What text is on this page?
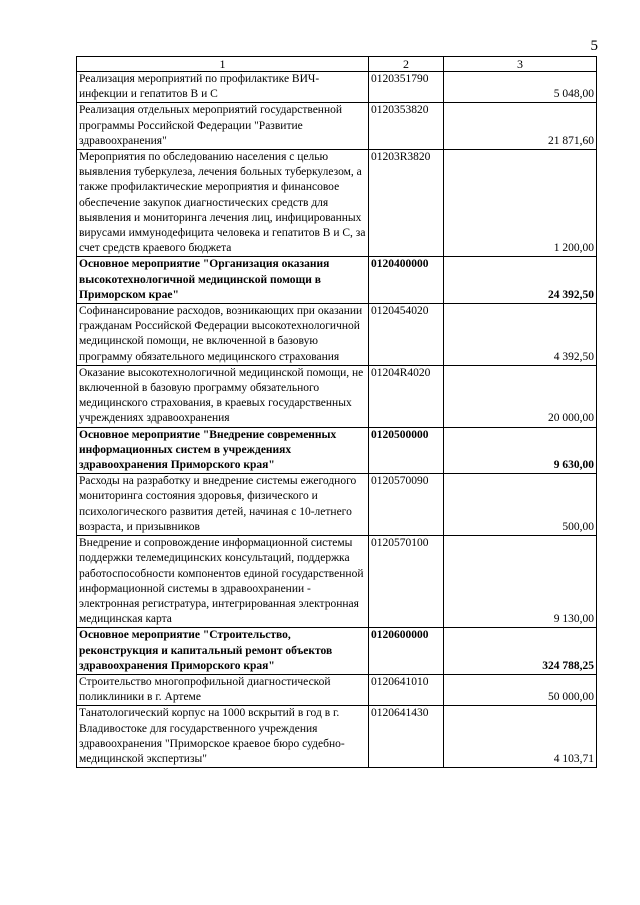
5
1	2	3
Реализация мероприятий по профилактике ВИЧ-инфекции и гепатитов В и С	0120351790	5 048,00
Реализация отдельных мероприятий государственной программы Российской Федерации "Развитие здравоохранения"	0120353820	21 871,60
Мероприятия по обследованию населения с целью выявления туберкулеза, лечения больных туберкулезом, а также профилактические мероприятия и финансовое обеспечение закупок диагностических средств для выявления и мониторинга лечения лиц, инфицированных вирусами иммунодефицита человека и гепатитов В и С, за счет средств краевого бюджета	01203R3820	1 200,00
Основное мероприятие "Организация оказания высокотехнологичной медицинской помощи в Приморском крае"	0120400000	24 392,50
Софинансирование расходов, возникающих при оказании гражданам Российской Федерации высокотехнологичной медицинской помощи, не включенной в базовую программу обязательного медицинского страхования	0120454020	4 392,50
Оказание высокотехнологичной медицинской помощи, не включенной в базовую программу обязательного медицинского страхования, в краевых государственных учреждениях здравоохранения	01204R4020	20 000,00
Основное мероприятие "Внедрение современных информационных систем в учреждениях здравоохранения Приморского края"	0120500000	9 630,00
Расходы на разработку и внедрение системы ежегодного мониторинга состояния здоровья, физического и психологического развития детей, начиная с 10-летнего возраста, и призывников	0120570090	500,00
Внедрение и сопровождение информационной системы поддержки телемедицинских консультаций, поддержка работоспособности компонентов единой государственной информационной системы в здравоохранении - электронная регистратура, интегрированная электронная медицинская карта	0120570100	9 130,00
Основное мероприятие "Строительство, реконструкция и капитальный ремонт объектов здравоохранения Приморского края"	0120600000	324 788,25
Строительство многопрофильной диагностической поликлиники в г. Артеме	0120641010	50 000,00
Танатологический корпус на 1000 вскрытий в год в г. Владивостоке для государственного учреждения здравоохранения "Приморское краевое бюро судебно-медицинской экспертизы"	0120641430	4 103,71
